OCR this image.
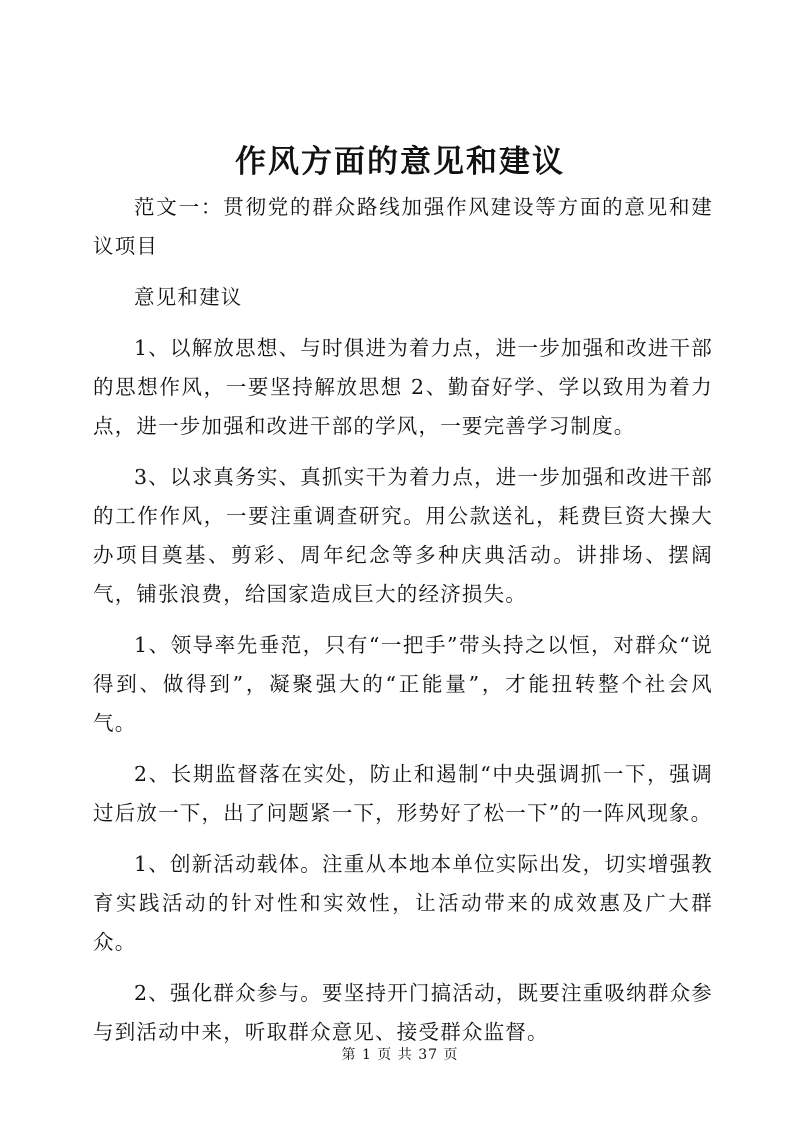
作风方面的意见和建议

范文一：贯彻党的群众路线加强作风建设等方面的意见和建议项目

意见和建议

1、以解放思想、与时俱进为着力点，进一步加强和改进干部的思想作风，一要坚持解放思想 2、勤奋好学、学以致用为着力点，进一步加强和改进干部的学风，一要完善学习制度。

3、以求真务实、真抓实干为着力点，进一步加强和改进干部的工作作风，一要注重调查研究。用公款送礼，耗费巨资大操大办项目奠基、剪彩、周年纪念等多种庆典活动。讲排场、摆阔气，铺张浪费，给国家造成巨大的经济损失。

1、领导率先垂范，只有“一把手”带头持之以恒，对群众“说得到、做得到”，凝聚强大的“正能量”，才能扭转整个社会风气。

2、长期监督落在实处，防止和遏制“中央强调抓一下，强调过后放一下，出了问题紧一下，形势好了松一下”的一阵风现象。

1、创新活动载体。注重从本地本单位实际出发，切实增强教育实践活动的针对性和实效性，让活动带来的成效惠及广大群众。

2、强化群众参与。要坚持开门搞活动，既要注重吸纳群众参与到活动中来，听取群众意见、接受群众监督。

第 1 页 共 37 页
